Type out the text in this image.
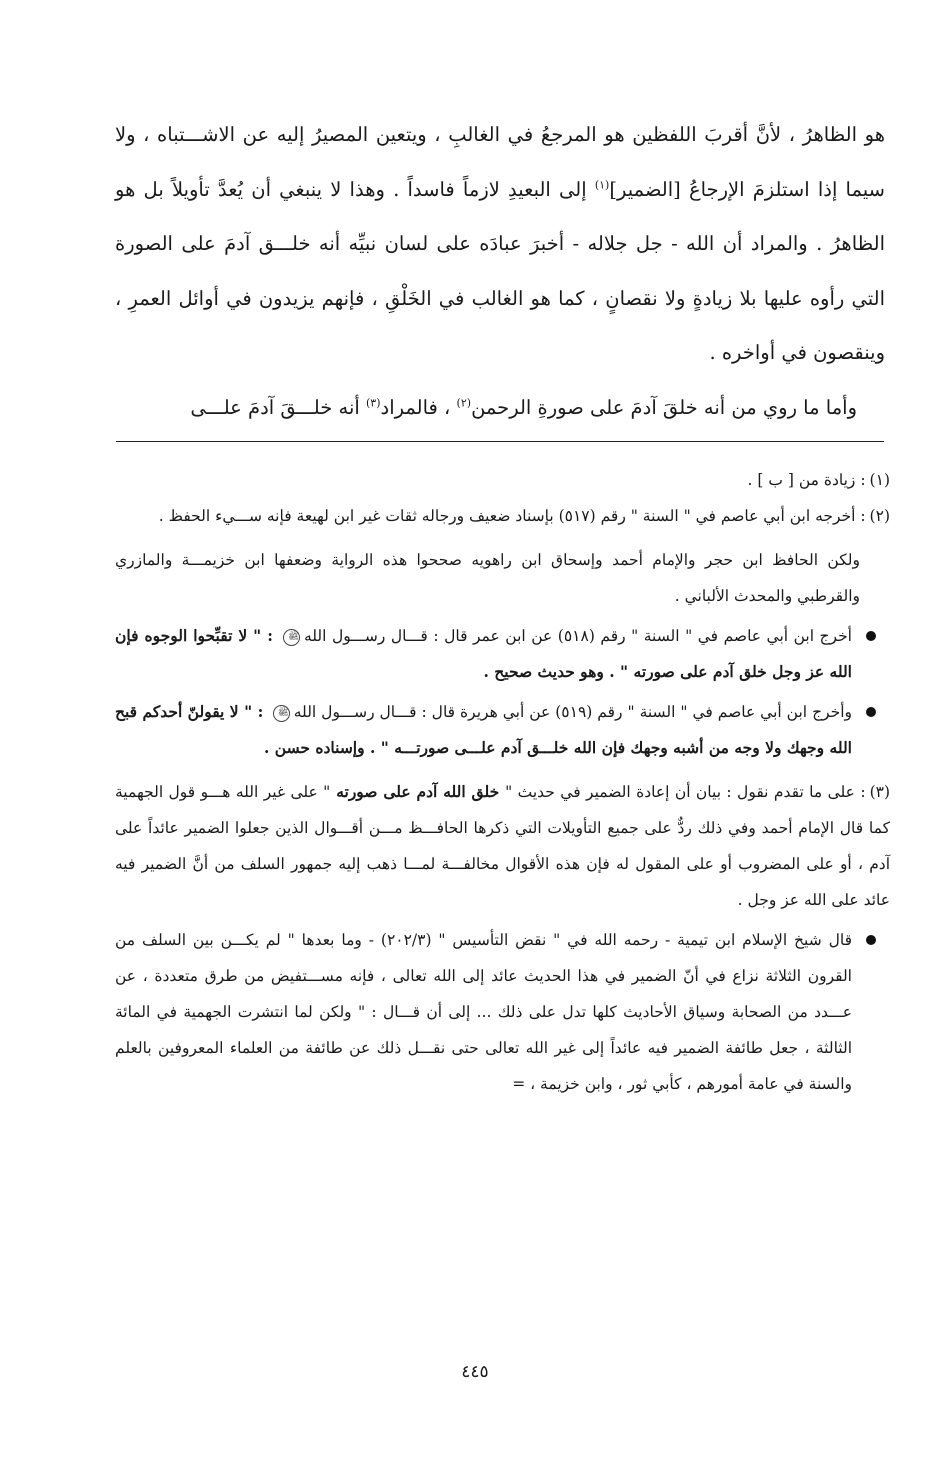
هو الظاهرُ ، لأنَّ أقربَ اللفظين هو المرجعُ في الغالبِ ، ويتعين المصيرُ إليه عن الاشـــتباه ، ولا سيما إذا استلزمَ الإرجاعُ [الضمير]$^{(١)}$ إلى البعيدِ لازماً فاسداً . وهذا لا ينبغي أن يُعدَّ تأويلاً بل هو الظاهرُ . والمراد أن الله - جل جلاله - أخبرَ عبادَه على لسان نبيِّه أنه خلـــق آدمَ على الصورة التي رأوه عليها بلا زيادةٍ ولا نقصانٍ ، كما هو الغالب في الخَلْقِ ، فإنهم يزيدون في أوائل العمرِ ، وينقصون في أواخره .

وأما ما روي من أنه خلقَ آدمَ على صورةِ الرحمن$^{(٢)}$ ، فالمراد$^{(٣)}$ أنه خلـــقَ آدمَ علـــى

(١): زيادة من [ ب ] .

(٢): أخرجه ابن أبي عاصم في " السنة " رقم (٥١٧) بإسناد ضعيف ورجاله ثقات غير ابن لهيعة فإنه ســـيء الحفظ .

ولكن الحافظ ابن حجر والإمام أحمد وإسحاق ابن راهويه صححوا هذه الرواية وضعفها ابن خزيمـــة والمازري والقرطبي والمحدث الألباني .

أخرج ابن أبي عاصم في " السنة " رقم (٥١٨) عن ابن عمر قال : قـــال رســـول اللهﷺ : " لا تقبِّحوا الوجوه فإن الله عز وجل خلق آدم على صورته " . وهو حديث صحيح .

وأخرج ابن أبي عاصم في " السنة " رقم (٥١٩) عن أبي هريرة قال : قـــال رســـول اللهﷺ : " لا يقولنّ أحدكم قبح الله وجهك ولا وجه من أشبه وجهك فإن الله خلـــق آدم علـــى صورتـــه " . وإسناده حسن .

(٣): على ما تقدم نقول : بيان أن إعادة الضمير في حديث " خلق الله آدم على صورته " على غير الله هـــو قول الجهمية كما قال الإمام أحمد وفي ذلك ردٌّ على جميع التأويلات التي ذكرها الحافـــظ مـــن أقـــوال الذين جعلوا الضمير عائداً على آدم ، أو على المضروب أو على المقول له فإن هذه الأقوال مخالفـــة لمـــا ذهب إليه جمهور السلف من أنَّ الضمير فيه عائد على الله عز وجل .

قال شيخ الإسلام ابن تيمية - رحمه الله في " نقض التأسيس " (٢٠٢/٣) - وما بعدها " لم يكـــن بين السلف من القرون الثلاثة نزاع في أنّ الضمير في هذا الحديث عائد إلى الله تعالى ، فإنه مســـتفيض من طرق متعددة ، عن عـــدد من الصحابة وسياق الأحاديث كلها تدل على ذلك ... إلى أن قـــال : " ولكن لما انتشرت الجهمية في المائة الثالثة ، جعل طائفة الضمير فيه عائداً إلى غير الله تعالى حتى نقـــل ذلك عن طائفة من العلماء المعروفين بالعلم والسنة في عامة أمورهم ، كأبي ثور ، وابن خزيمة ، =

٤٤٥
